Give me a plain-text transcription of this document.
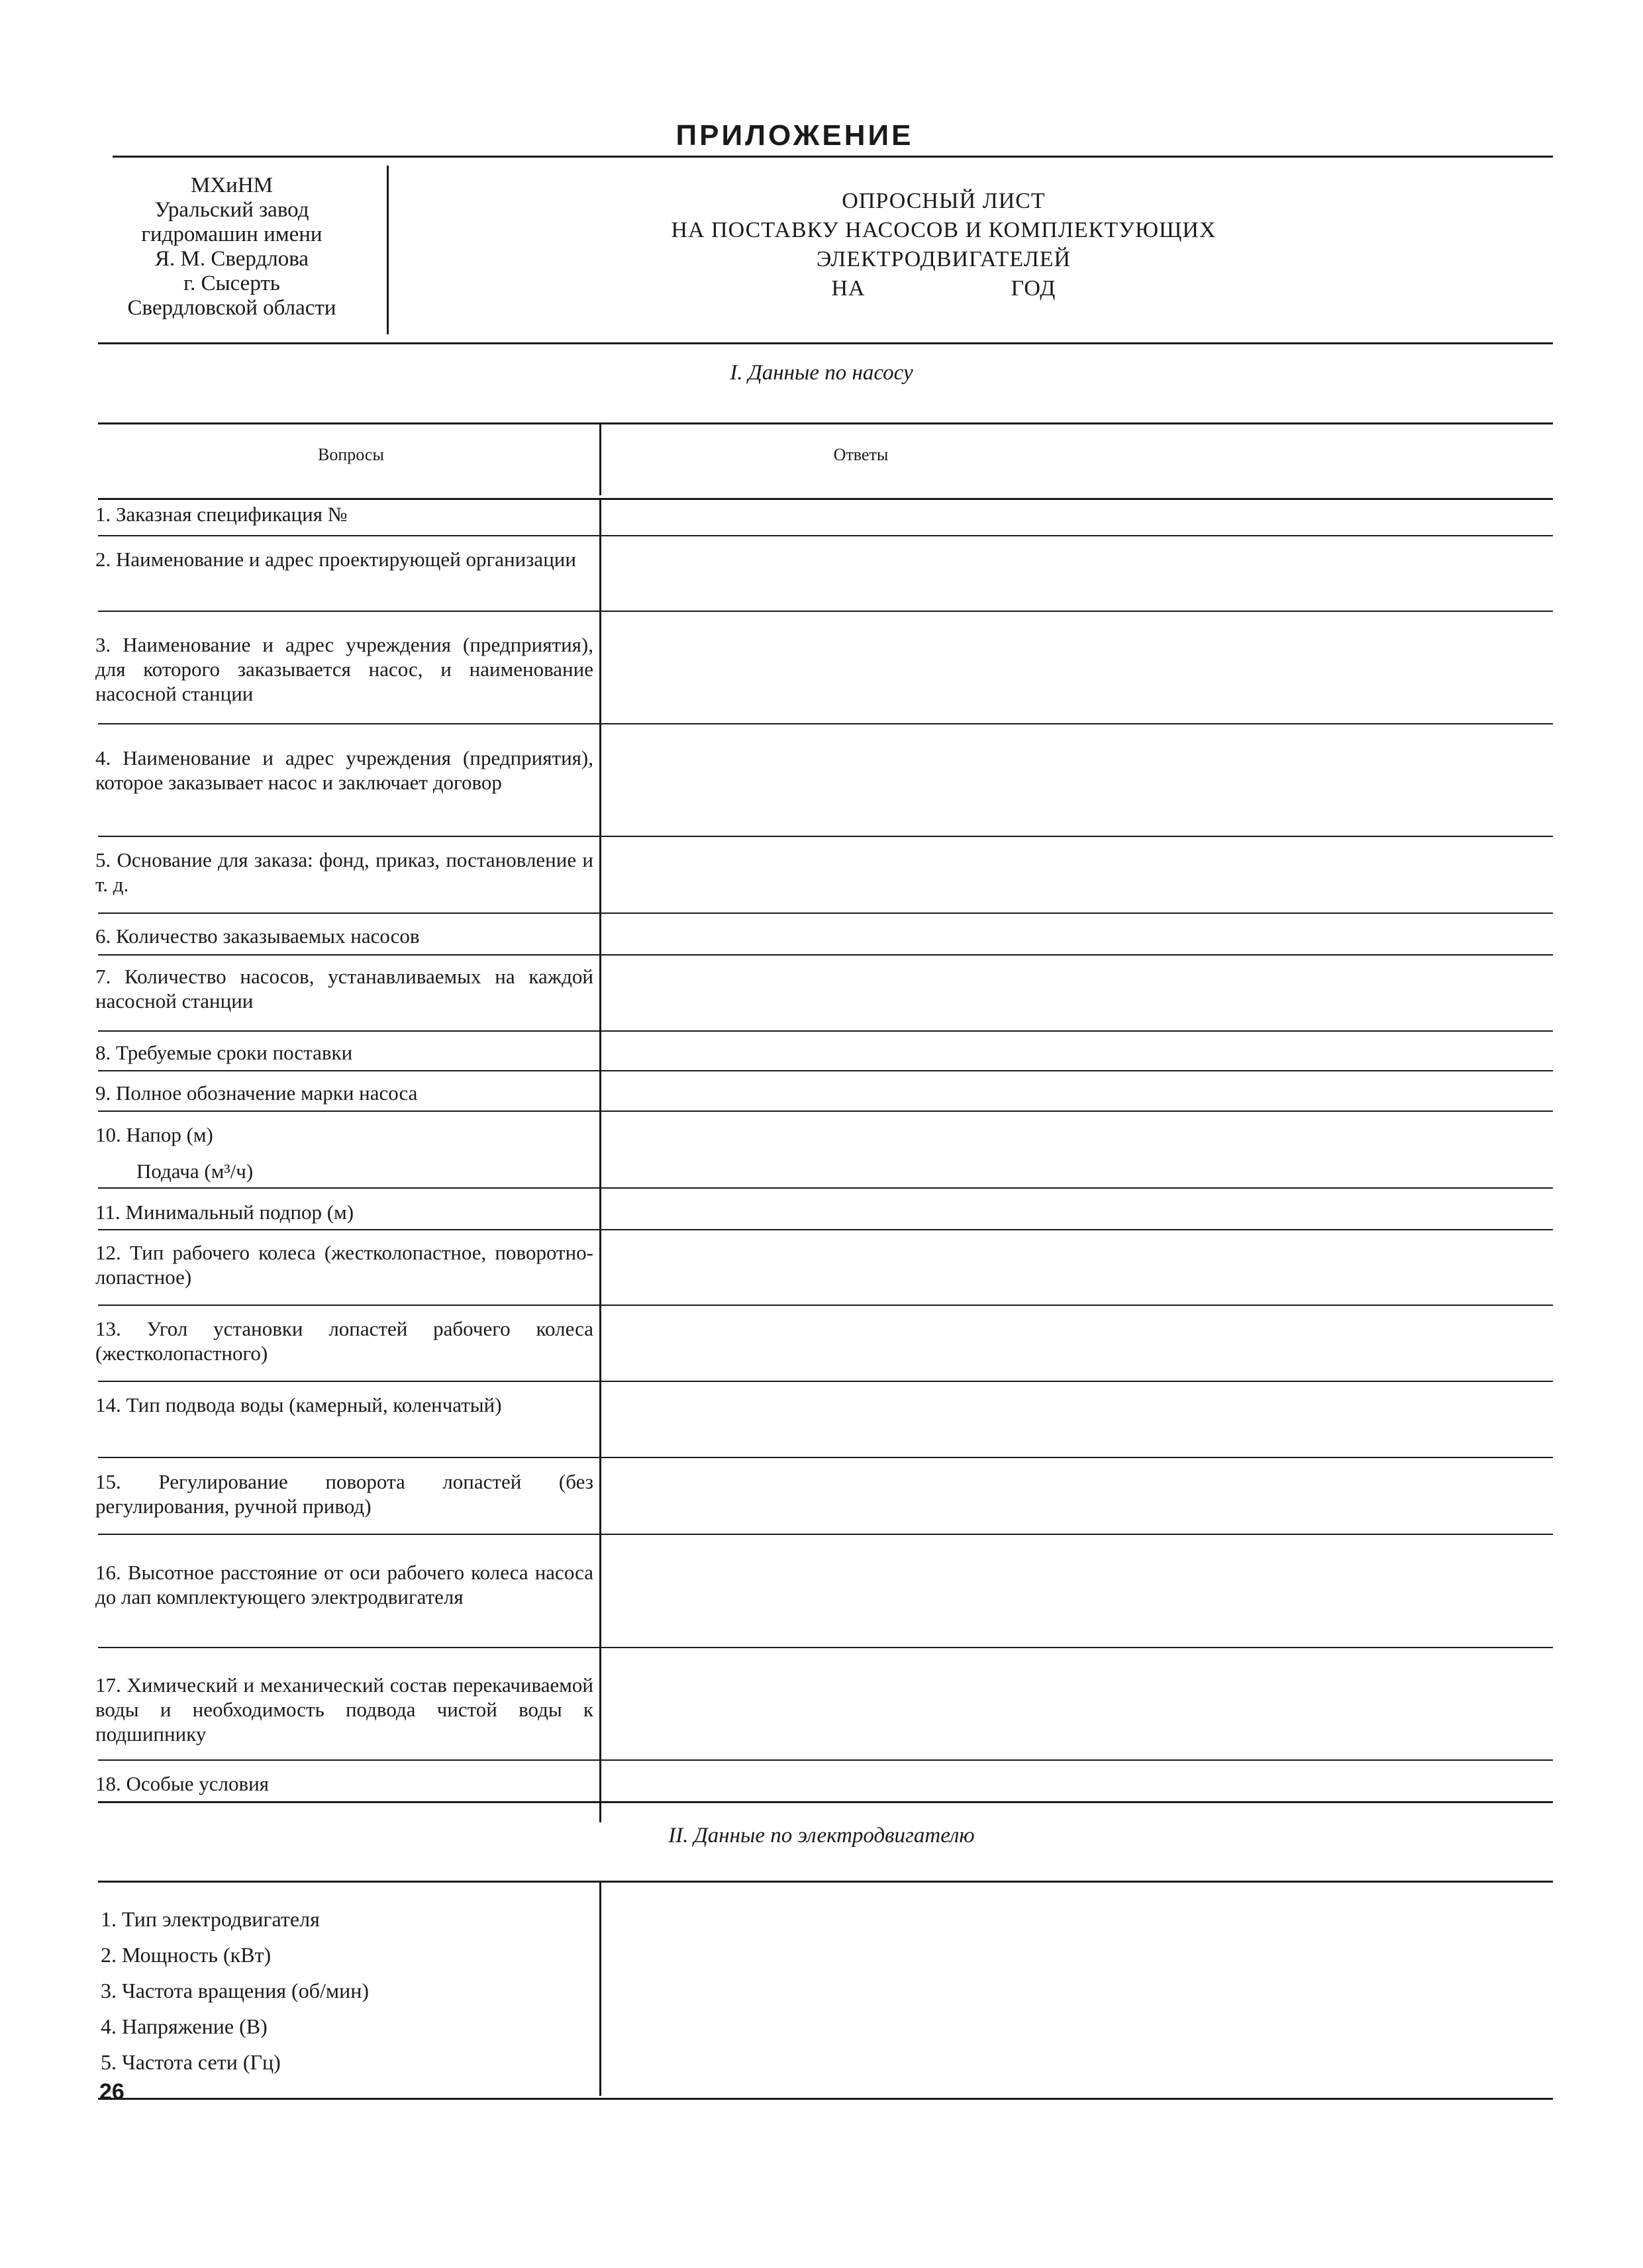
ПРИЛОЖЕНИЕ
МХиНМ
Уральский завод
гидромашин имени
Я. М. Свердлова
г. Сысерть
Свердловской области
ОПРОСНЫЙ ЛИСТ
НА ПОСТАВКУ НАСОСОВ И КОМПЛЕКТУЮЩИХ
ЭЛЕКТРОДВИГАТЕЛЕЙ
НА	ГОД
I. Данные по насосу
Вопросы	Ответы
1. Заказная спецификация №
2. Наименование и адрес проектирующей организации
3. Наименование и адрес учреждения (предприятия), для которого заказывается насос, и наименование насосной станции
4. Наименование и адрес учреждения (предприятия), которое заказывает насос и заключает договор
5. Основание для заказа: фонд, приказ, постановление и т. д.
6. Количество заказываемых насосов
7. Количество насосов, устанавливаемых на каждой насосной станции
8. Требуемые сроки поставки
9. Полное обозначение марки насоса
10. Напор (м)
Подача (м³/ч)
11. Минимальный подпор (м)
12. Тип рабочего колеса (жестколопастное, поворотно-лопастное)
13. Угол установки лопастей рабочего колеса (жестколопастного)
14. Тип подвода воды (камерный, коленчатый)
15. Регулирование поворота лопастей (без регулирования, ручной привод)
16. Высотное расстояние от оси рабочего колеса насоса до лап комплектующего электродвигателя
17. Химический и механический состав перекачиваемой воды и необходимость подвода чистой воды к подшипнику
18. Особые условия
II. Данные по электродвигателю
1. Тип электродвигателя
2. Мощность (кВт)
3. Частота вращения (об/мин)
4. Напряжение (В)
5. Частота сети (Гц)
26
